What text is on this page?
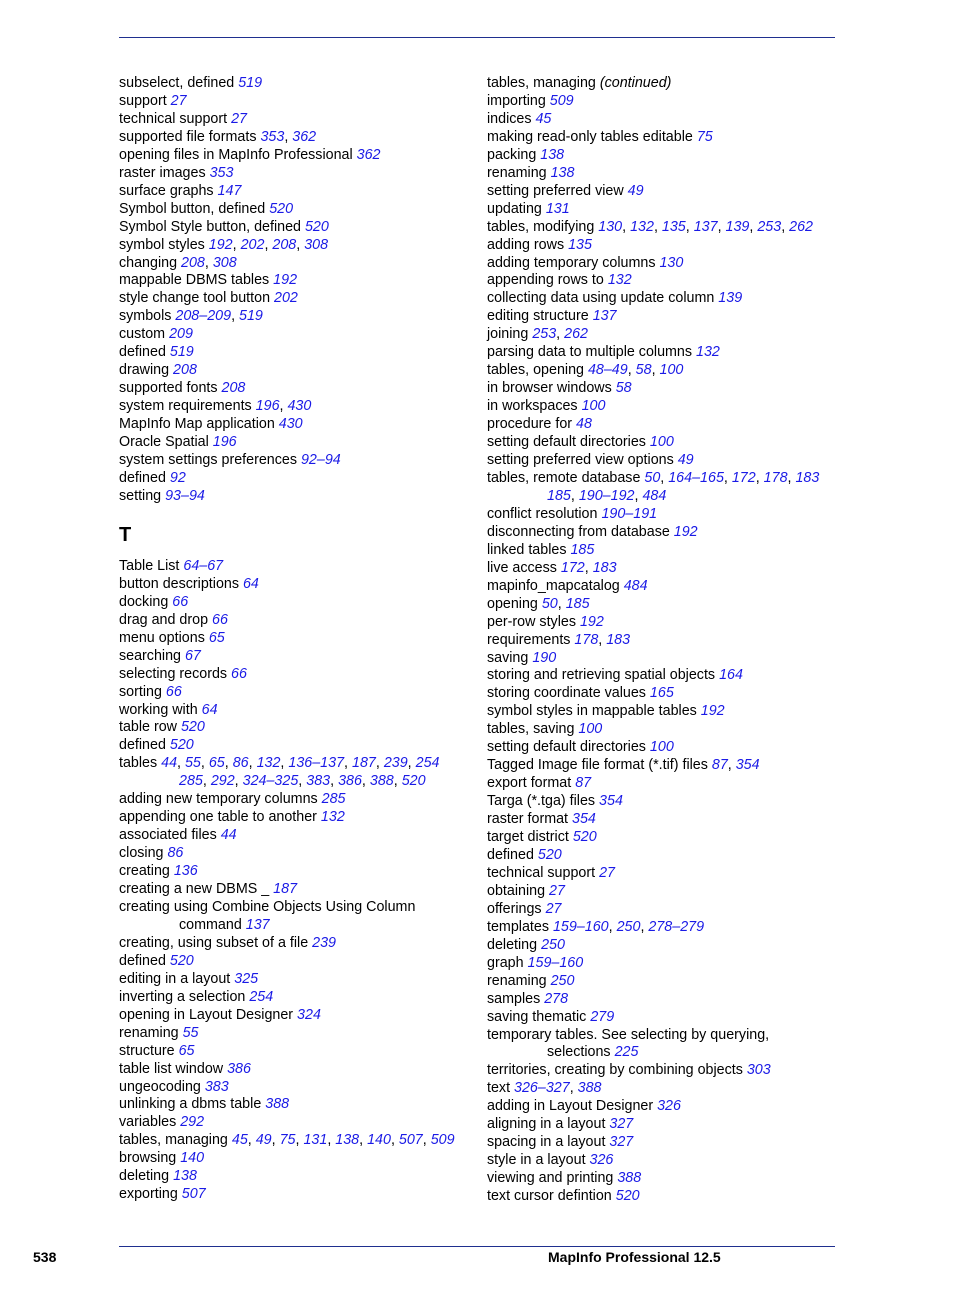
subselect, defined 519
support 27
technical support 27
supported file formats 353, 362
opening files in MapInfo Professional 362
raster images 353
surface graphs 147
Symbol button, defined 520
Symbol Style button, defined 520
symbol styles 192, 202, 208, 308
changing 208, 308
mappable DBMS tables 192
style change tool button 202
symbols 208–209, 519
custom 209
defined 519
drawing 208
supported fonts 208
system requirements 196, 430
MapInfo Map application 430
Oracle Spatial 196
system settings preferences 92–94
defined 92
setting 93–94
T
Table List 64–67
button descriptions 64
docking 66
drag and drop 66
menu options 65
searching 67
selecting records 66
sorting 66
working with 64
table row 520
defined 520
tables 44, 55, 65, 86, 132, 136–137, 187, 239, 254
285, 292, 324–325, 383, 386, 388, 520
adding new temporary columns 285
appending one table to another 132
associated files 44
closing 86
creating 136
creating a new DBMS _ 187
creating using Combine Objects Using Column
command 137
creating, using subset of a file 239
defined 520
editing in a layout 325
inverting a selection 254
opening in Layout Designer 324
renaming 55
structure 65
table list window 386
ungeocoding 383
unlinking a dbms table 388
variables 292
tables, managing 45, 49, 75, 131, 138, 140, 507, 509
browsing 140
deleting 138
exporting 507
tables, managing (continued)
importing 509
indices 45
making read-only tables editable 75
packing 138
renaming 138
setting preferred view 49
updating 131
tables, modifying 130, 132, 135, 137, 139, 253, 262
adding rows 135
adding temporary columns 130
appending rows to 132
collecting data using update column 139
editing structure 137
joining 253, 262
parsing data to multiple columns 132
tables, opening 48–49, 58, 100
in browser windows 58
in workspaces 100
procedure for 48
setting default directories 100
setting preferred view options 49
tables, remote database 50, 164–165, 172, 178, 183
185, 190–192, 484
conflict resolution 190–191
disconnecting from database 192
linked tables 185
live access 172, 183
mapinfo_mapcatalog 484
opening 50, 185
per-row styles 192
requirements 178, 183
saving 190
storing and retrieving spatial objects 164
storing coordinate values 165
symbol styles in mappable tables 192
tables, saving 100
setting default directories 100
Tagged Image file format (*.tif) files 87, 354
export format 87
Targa (*.tga) files 354
raster format 354
target district 520
defined 520
technical support 27
obtaining 27
offerings 27
templates 159–160, 250, 278–279
deleting 250
graph 159–160
renaming 250
samples 278
saving thematic 279
temporary tables. See selecting by querying,
selections 225
territories, creating by combining objects 303
text 326–327, 388
adding in Layout Designer 326
aligning in a layout 327
spacing in a layout 327
style in a layout 326
viewing and printing 388
text cursor defintion 520
538	MapInfo Professional 12.5
